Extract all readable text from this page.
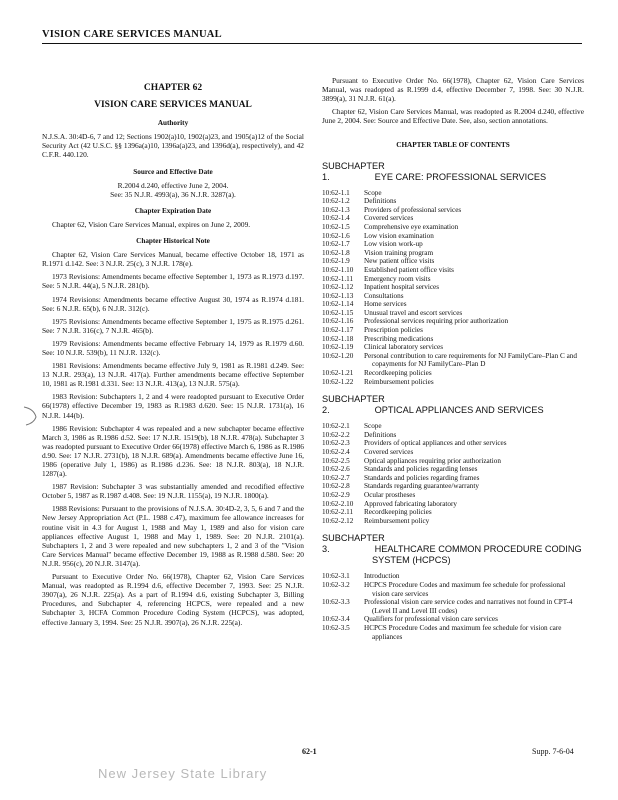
VISION CARE SERVICES MANUAL
CHAPTER 62
VISION CARE SERVICES MANUAL
Authority

N.J.S.A. 30:4D-6, 7 and 12; Sections 1902(a)10, 1902(a)23, and 1905(a)12 of the Social Security Act (42 U.S.C. §§ 1396a(a)10, 1396a(a)23, and 1396d(a), respectively), and 42 C.F.R. 440.120.

Source and Effective Date
R.2004 d.240, effective June 2, 2004.
See: 35 N.J.R. 4993(a), 36 N.J.R. 3287(a).
Chapter Expiration Date

Chapter 62, Vision Care Services Manual, expires on June 2, 2009.

Chapter Historical Note

Chapter 62, Vision Care Services Manual, became effective October 18, 1971 as R.1971 d.142. See: 3 N.J.R. 25(c), 3 N.J.R. 178(e).

1973 Revisions: Amendments became effective September 1, 1973 as R.1973 d.197. See: 5 N.J.R. 44(a), 5 N.J.R. 281(b).

1974 Revisions: Amendments became effective August 30, 1974 as R.1974 d.181. See: 6 N.J.R. 65(b), 6 N.J.R. 312(c).

1975 Revisions: Amendments became effective September 1, 1975 as R.1975 d.261. See: 7 N.J.R. 316(c), 7 N.J.R. 465(b).

1979 Revisions: Amendments became effective February 14, 1979 as R.1979 d.60. See: 10 N.J.R. 539(b), 11 N.J.R. 132(c).

1981 Revisions: Amendments became effective July 9, 1981 as R.1981 d.249. See: 13 N.J.R. 293(a), 13 N.J.R. 417(a). Further amendments became effective September 10, 1981 as R.1981 d.331. See: 13 N.J.R. 413(a), 13 N.J.R. 575(a).

1983 Revision: Subchapters 1, 2 and 4 were readopted pursuant to Executive Order 66(1978) effective December 19, 1983 as R.1983 d.620. See: 15 N.J.R. 1731(a), 16 N.J.R. 144(b).

1986 Revision: Subchapter 4 was repealed and a new subchapter became effective March 3, 1986 as R.1986 d.52. See: 17 N.J.R. 1519(b), 18 N.J.R. 478(a). Subchapter 3 was readopted pursuant to Executive Order 66(1978) effective March 6, 1986 as R.1986 d.90. See: 17 N.J.R. 2731(b), 18 N.J.R. 689(a). Amendments became effective June 16, 1986 (operative July 1, 1986) as R.1986 d.236. See: 18 N.J.R. 803(a), 18 N.J.R. 1287(a).

1987 Revision: Subchapter 3 was substantially amended and recodified effective October 5, 1987 as R.1987 d.408. See: 19 N.J.R. 1155(a), 19 N.J.R. 1800(a).

1988 Revisions: Pursuant to the provisions of N.J.S.A. 30:4D-2, 3, 5, 6 and 7 and the New Jersey Appropriation Act (P.L. 1988 c.47), maximum fee allowance increases for routine visit in 4.3 for August 1, 1988 and May 1, 1989 and also for vision care appliances effective August 1, 1988 and May 1, 1989. See: 20 N.J.R. 2101(a). Subchapters 1, 2 and 3 were repealed and new subchapters 1, 2 and 3 of the "Vision Care Services Manual" became effective December 19, 1988 as R.1988 d.580. See: 20 N.J.R. 956(c), 20 N.J.R. 3147(a).

Pursuant to Executive Order No. 66(1978), Chapter 62, Vision Care Services Manual, was readopted as R.1994 d.6, effective December 7, 1993. See: 25 N.J.R. 3907(a), 26 N.J.R. 225(a). As a part of R.1994 d.6, existing Subchapter 3, Billing Procedures, and Subchapter 4, referencing HCPCS, were repealed and a new Subchapter 3, HCFA Common Procedure Coding System (HCPCS), was adopted, effective January 3, 1994. See: 25 N.J.R. 3907(a), 26 N.J.R. 225(a).

Pursuant to Executive Order No. 66(1978), Chapter 62, Vision Care Services Manual, was readopted as R.1999 d.4, effective December 7, 1998. See: 30 N.J.R. 3899(a), 31 N.J.R. 61(a).

Chapter 62, Vision Care Services Manual, was readopted as R.2004 d.240, effective June 2, 2004. See: Source and Effective Date. See, also, section annotations.

CHAPTER TABLE OF CONTENTS
SUBCHAPTER 1.	EYE CARE: PROFESSIONAL SERVICES
10:62-1.1	Scope
10:62-1.2	Definitions
10:62-1.3	Providers of professional services
10:62-1.4	Covered services
10:62-1.5	Comprehensive eye examination
10:62-1.6	Low vision examination
10:62-1.7	Low vision work-up
10:62-1.8	Vision training program
10:62-1.9	New patient office visits
10:62-1.10	Established patient office visits
10:62-1.11	Emergency room visits
10:62-1.12	Inpatient hospital services
10:62-1.13	Consultations
10:62-1.14	Home services
10:62-1.15	Unusual travel and escort services
10:62-1.16	Professional services requiring prior authorization
10:62-1.17	Prescription policies
10:62-1.18	Prescribing medications
10:62-1.19	Clinical laboratory services
10:62-1.20	Personal contribution to care requirements for NJ FamilyCare–Plan C and copayments for NJ FamilyCare–Plan D
10:62-1.21	Recordkeeping policies
10:62-1.22	Reimbursement policies
SUBCHAPTER 2.	OPTICAL APPLIANCES AND SERVICES
10:62-2.1	Scope
10:62-2.2	Definitions
10:62-2.3	Providers of optical appliances and other services
10:62-2.4	Covered services
10:62-2.5	Optical appliances requiring prior authorization
10:62-2.6	Standards and policies regarding lenses
10:62-2.7	Standards and policies regarding frames
10:62-2.8	Standards regarding guarantee/warranty
10:62-2.9	Ocular prostheses
10:62-2.10	Approved fabricating laboratory
10:62-2.11	Recordkeeping policies
10:62-2.12	Reimbursement policy
SUBCHAPTER 3.	HEALTHCARE COMMON PROCEDURE CODING SYSTEM (HCPCS)
10:62-3.1	Introduction
10:62-3.2	HCPCS Procedure Codes and maximum fee schedule for professional vision care services
10:62-3.3	Professional vision care service codes and narratives not found in CPT-4 (Level II and Level III codes)
10:62-3.4	Qualifiers for professional vision care services
10:62-3.5	HCPCS Procedure Codes and maximum fee schedule for vision care appliances
62-1	Supp. 7-6-04
New Jersey State Library
